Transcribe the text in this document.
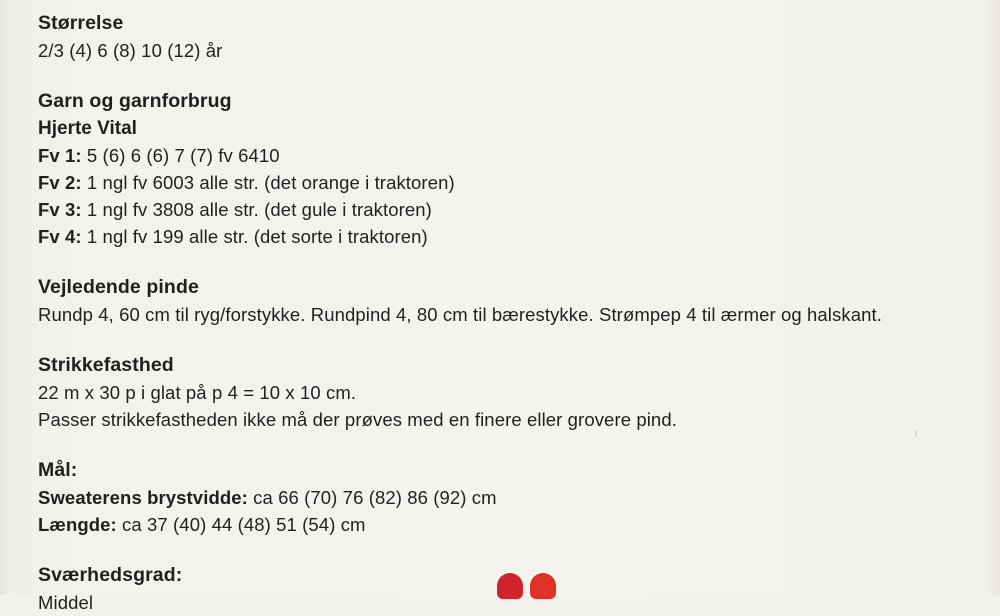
Størrelse

2/3 (4) 6 (8) 10 (12) år

Garn og garnforbrug

Hjerte Vital

Fv 1: 5 (6) 6 (6) 7 (7) fv 6410

Fv 2: 1 ngl fv 6003 alle str. (det orange i traktoren)

Fv 3: 1 ngl fv 3808 alle str. (det gule i traktoren)

Fv 4: 1 ngl fv 199 alle str. (det sorte i traktoren)

Vejledende pinde

Rundp 4, 60 cm til ryg/forstykke. Rundpind 4, 80 cm til bærestykke. Strømpep 4 til ærmer og halskant.

Strikkefasthed

22 m x 30 p i glat på p 4 = 10 x 10 cm.

Passer strikkefastheden ikke må der prøves med en finere eller grovere pind.

Mål:

Sweaterens brystvidde: ca 66 (70) 76 (82) 86 (92) cm

Længde: ca 37 (40) 44 (48) 51 (54) cm

Sværhedsgrad:

Middel
